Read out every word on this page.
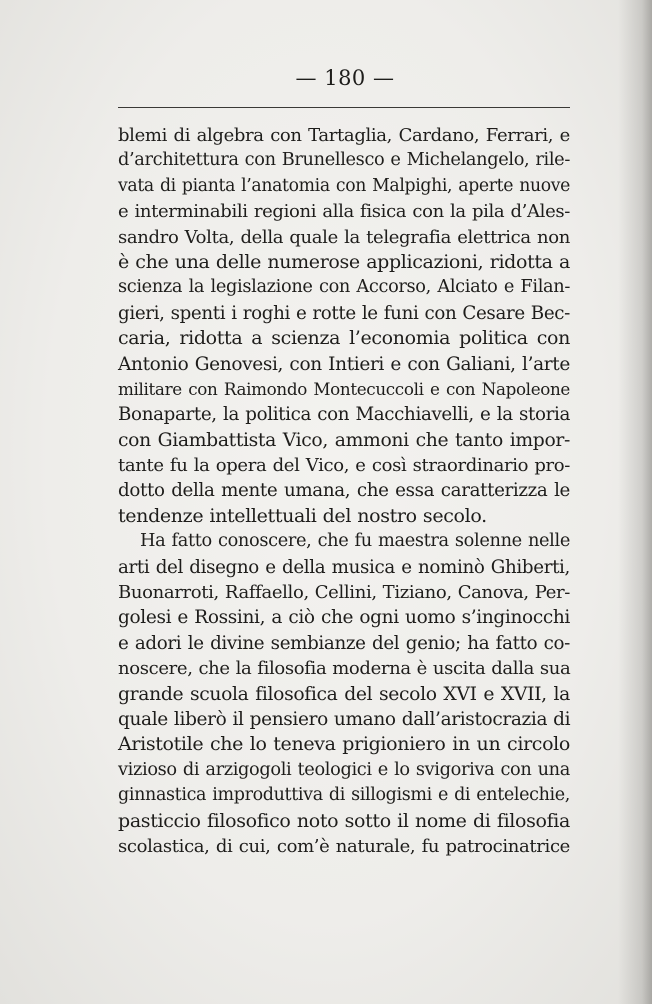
— 180 —
blemi di algebra con Tartaglia, Cardano, Ferrari, e
d’architettura con Brunellesco e Michelangelo, rile-
vata di pianta l’anatomia con Malpighi, aperte nuove
e interminabili regioni alla fisica con la pila d’Ales-
sandro Volta, della quale la telegrafia elettrica non
è che una delle numerose applicazioni, ridotta a
scienza la legislazione con Accorso, Alciato e Filan-
gieri, spenti i roghi e rotte le funi con Cesare Bec-
caria, ridotta a scienza l’economia politica con
Antonio Genovesi, con Intieri e con Galiani, l’arte
militare con Raimondo Montecuccoli e con Napoleone
Bonaparte, la politica con Macchiavelli, e la storia
con Giambattista Vico, ammoni che tanto impor-
tante fu la opera del Vico, e così straordinario pro-
dotto della mente umana, che essa caratterizza le
tendenze intellettuali del nostro secolo.
Ha fatto conoscere, che fu maestra solenne nelle
arti del disegno e della musica e nominò Ghiberti,
Buonarroti, Raffaello, Cellini, Tiziano, Canova, Per-
golesi e Rossini, a ciò che ogni uomo s’inginocchi
e adori le divine sembianze del genio; ha fatto co-
noscere, che la filosofia moderna è uscita dalla sua
grande scuola filosofica del secolo XVI e XVII, la
quale liberò il pensiero umano dall’aristocrazia di
Aristotile che lo teneva prigioniero in un circolo
vizioso di arzigogoli teologici e lo svigoriva con una
ginnastica improduttiva di sillogismi e di entelechie,
pasticcio filosofico noto sotto il nome di filosofia
scolastica, di cui, com’è naturale, fu patrocinatrice
